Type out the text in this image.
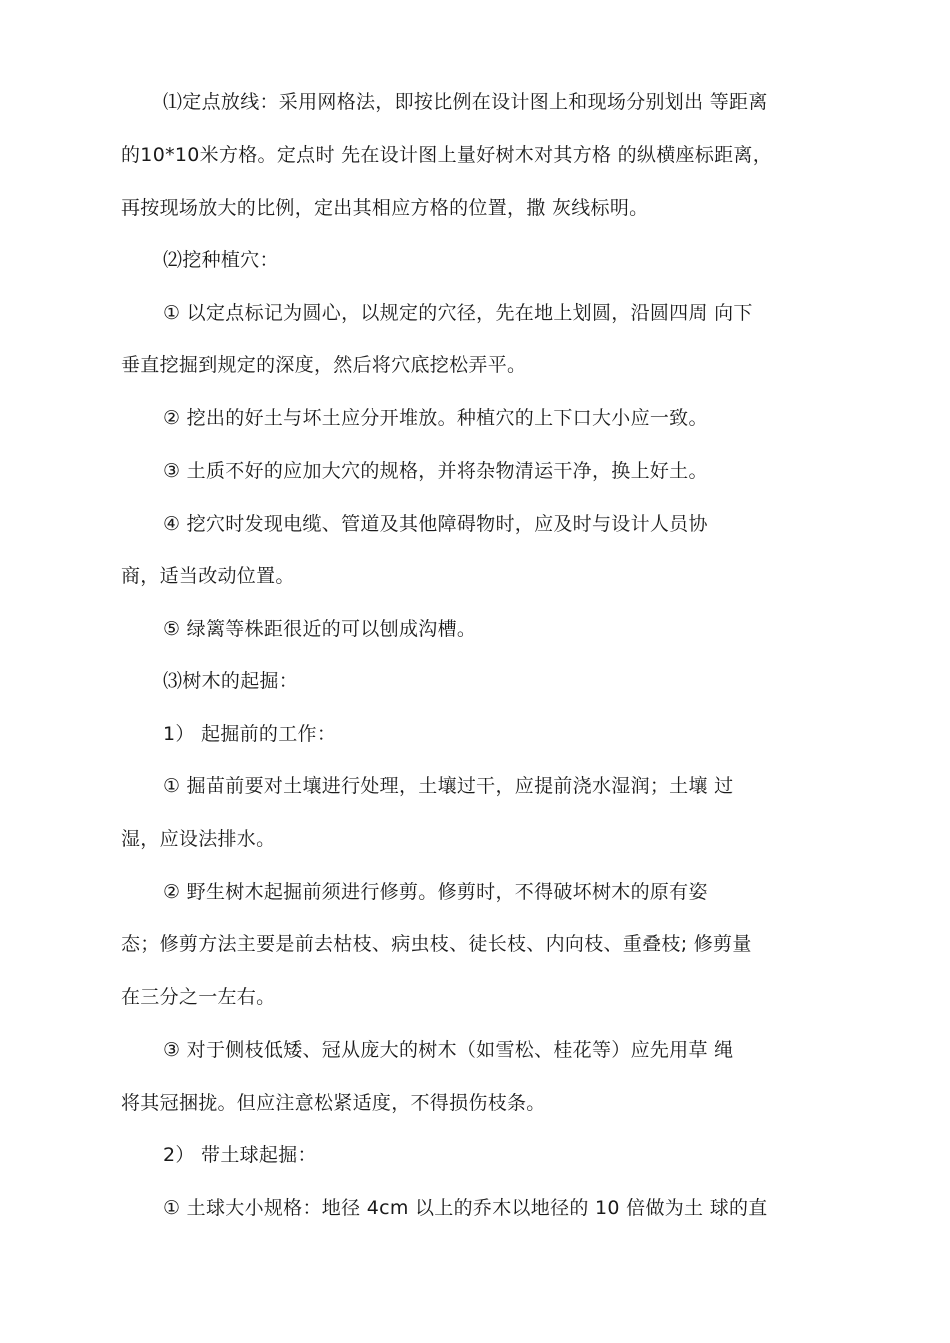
⑴定点放线：采用网格法，即按比例在设计图上和现场分别划出 等距离
的10*10米方格。定点时 先在设计图上量好树木对其方格 的纵横座标距离，
再按现场放大的比例，定出其相应方格的位置，撒 灰线标明。
⑵挖种植穴：
① 以定点标记为圆心，以规定的穴径，先在地上划圆，沿圆四周 向下
垂直挖掘到规定的深度，然后将穴底挖松弄平。
② 挖出的好土与坏土应分开堆放。种植穴的上下口大小应一致。
③ 土质不好的应加大穴的规格，并将杂物清运干净，换上好土。
④ 挖穴时发现电缆、管道及其他障碍物时，应及时与设计人员协
商，适当改动位置。
⑤ 绿篱等株距很近的可以刨成沟槽。
⑶树木的起掘：
1） 起掘前的工作：
① 掘苗前要对土壤进行处理，土壤过干，应提前浇水湿润；土壤 过
湿，应设法排水。
② 野生树木起掘前须进行修剪。修剪时，不得破坏树木的原有姿
态；修剪方法主要是前去枯枝、病虫枝、徒长枝、内向枝、重叠枝; 修剪量
在三分之一左右。
③ 对于侧枝低矮、冠从庞大的树木（如雪松、桂花等）应先用草 绳
将其冠捆拢。但应注意松紧适度，不得损伤枝条。
2） 带土球起掘：
① 土球大小规格：地径 4cm 以上的乔木以地径的 10 倍做为土 球的直
